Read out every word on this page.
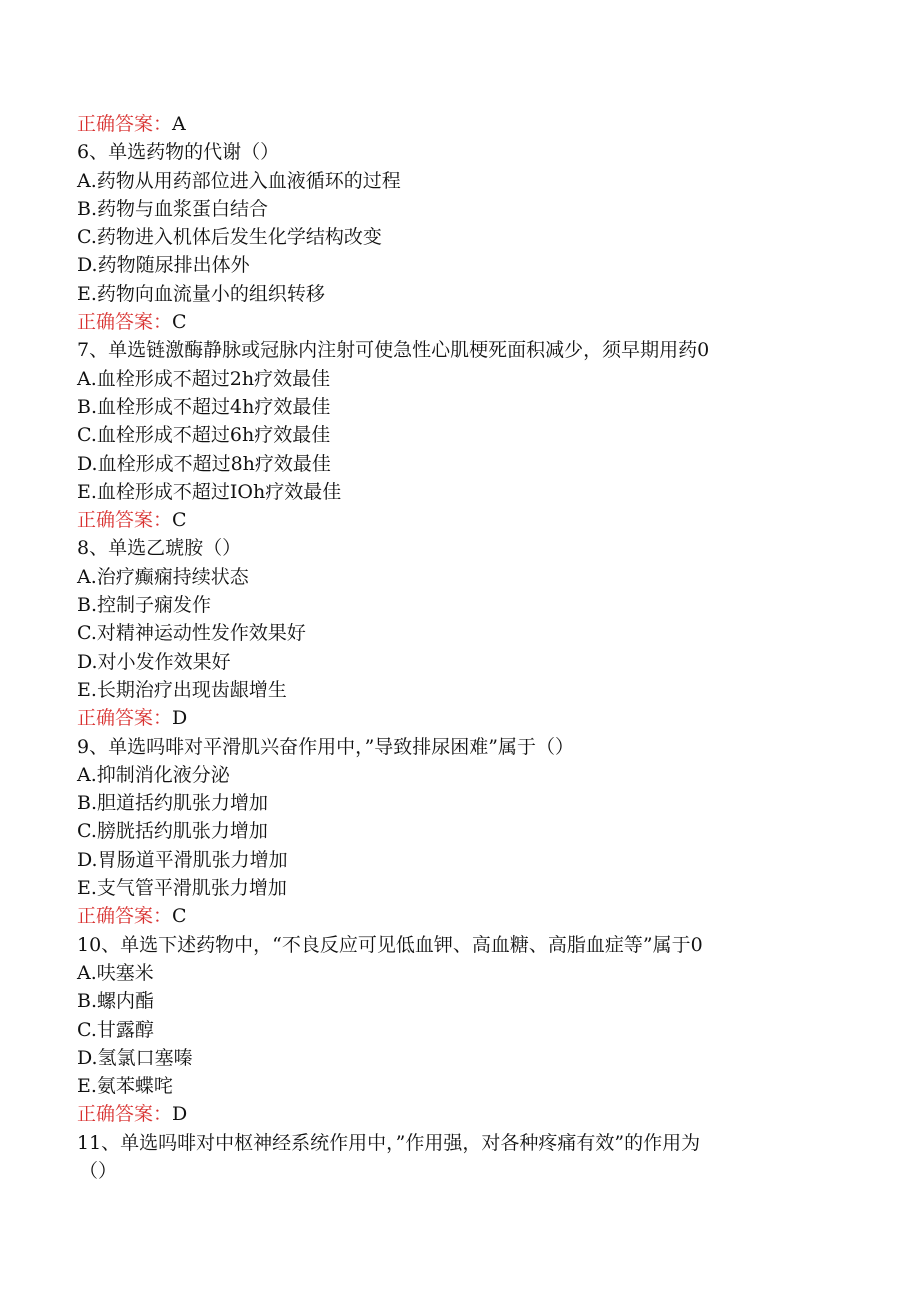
正确答案：A
6、单选药物的代谢（）
A.药物从用药部位进入血液循环的过程
B.药物与血浆蛋白结合
C.药物进入机体后发生化学结构改变
D.药物随尿排出体外
E.药物向血流量小的组织转移
正确答案：C
7、单选链激酶静脉或冠脉内注射可使急性心肌梗死面积减少，须早期用药0
A.血栓形成不超过2h疗效最佳
B.血栓形成不超过4h疗效最佳
C.血栓形成不超过6h疗效最佳
D.血栓形成不超过8h疗效最佳
E.血栓形成不超过IOh疗效最佳
正确答案：C
8、单选乙琥胺（）
A.治疗癫痫持续状态
B.控制子痫发作
C.对精神运动性发作效果好
D.对小发作效果好
E.长期治疗出现齿龈增生
正确答案：D
9、单选吗啡对平滑肌兴奋作用中，”导致排尿困难”属于（）
A.抑制消化液分泌
B.胆道括约肌张力增加
C.膀胱括约肌张力增加
D.胃肠道平滑肌张力增加
E.支气管平滑肌张力增加
正确答案：C
10、单选下述药物中，“不良反应可见低血钾、高血糖、高脂血症等”属于0
A.呋塞米
B.螺内酯
C.甘露醇
D.氢氯口塞嗪
E.氨苯蝶咤
正确答案：D
11、单选吗啡对中枢神经系统作用中，”作用强，对各种疼痛有效”的作用为
（）
